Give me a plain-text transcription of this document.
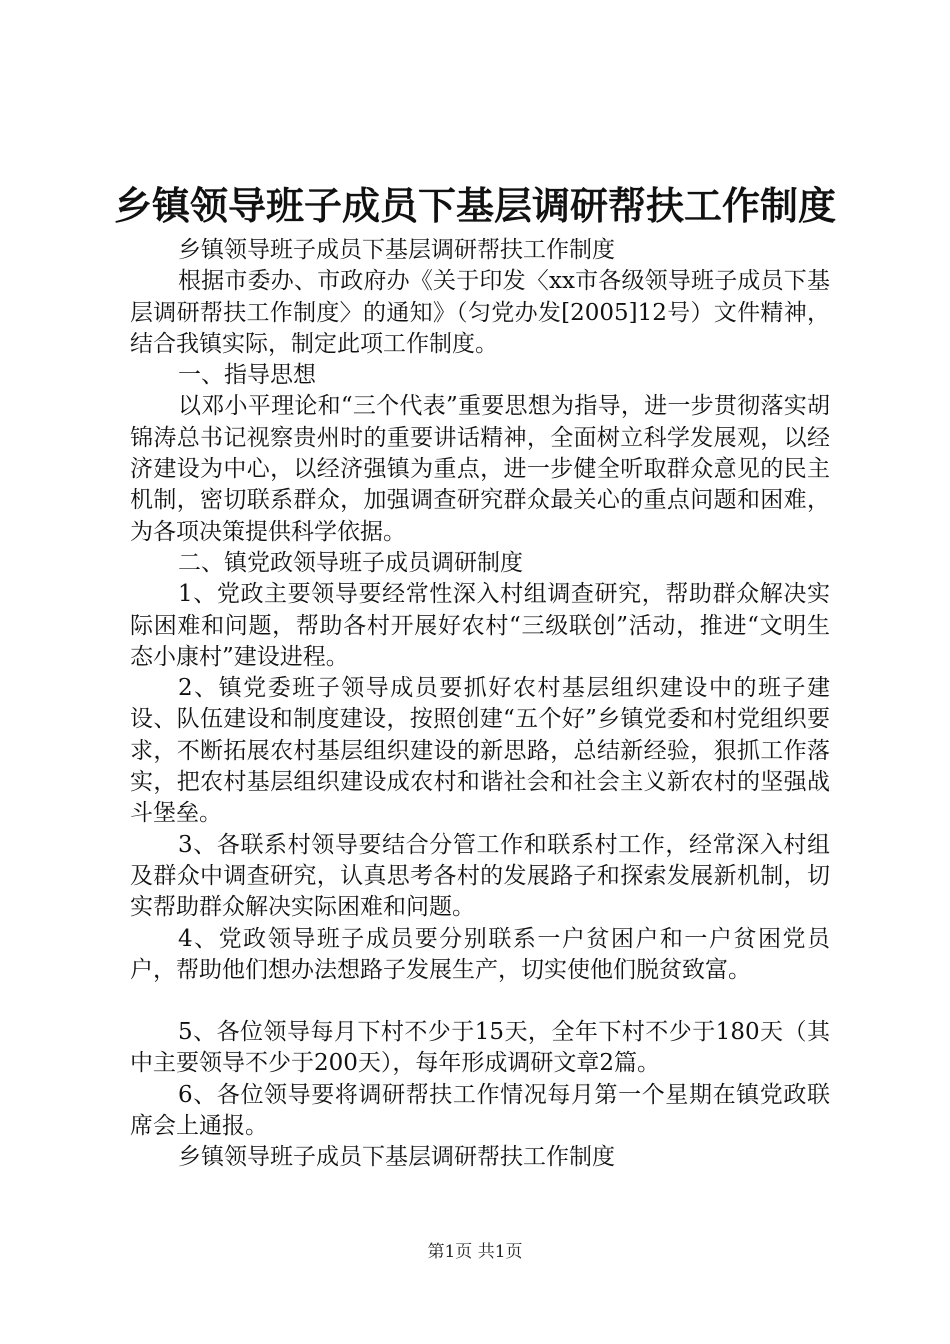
乡镇领导班子成员下基层调研帮扶工作制度

乡镇领导班子成员下基层调研帮扶工作制度

根据市委办、市政府办《关于印发〈xx市各级领导班子成员下基层调研帮扶工作制度〉的通知》（匀党办发[2005]12号）文件精神，结合我镇实际，制定此项工作制度。

一、指导思想

以邓小平理论和“三个代表”重要思想为指导，进一步贯彻落实胡锦涛总书记视察贵州时的重要讲话精神，全面树立科学发展观，以经济建设为中心，以经济强镇为重点，进一步健全听取群众意见的民主机制，密切联系群众，加强调查研究群众最关心的重点问题和困难，为各项决策提供科学依据。

二、镇党政领导班子成员调研制度

1、党政主要领导要经常性深入村组调查研究，帮助群众解决实际困难和问题，帮助各村开展好农村“三级联创”活动，推进“文明生态小康村”建设进程。

2、镇党委班子领导成员要抓好农村基层组织建设中的班子建设、队伍建设和制度建设，按照创建“五个好”乡镇党委和村党组织要求，不断拓展农村基层组织建设的新思路，总结新经验，狠抓工作落实，把农村基层组织建设成农村和谐社会和社会主义新农村的坚强战斗堡垒。

3、各联系村领导要结合分管工作和联系村工作，经常深入村组及群众中调查研究，认真思考各村的发展路子和探索发展新机制，切实帮助群众解决实际困难和问题。

4、党政领导班子成员要分别联系一户贫困户和一户贫困党员户，帮助他们想办法想路子发展生产，切实使他们脱贫致富。

5、各位领导每月下村不少于15天，全年下村不少于180天（其中主要领导不少于200天），每年形成调研文章2篇。

6、各位领导要将调研帮扶工作情况每月第一个星期在镇党政联席会上通报。

乡镇领导班子成员下基层调研帮扶工作制度

第1页 共1页
